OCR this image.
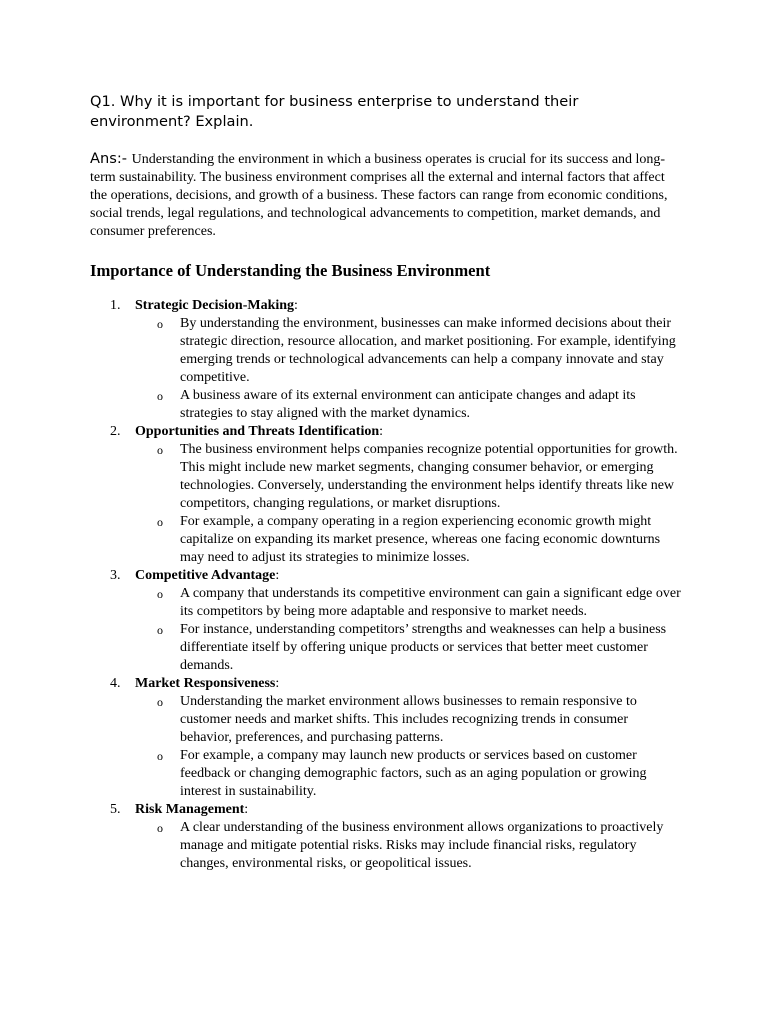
Q1. Why it is important for business enterprise to understand their environment? Explain.

Ans:- Understanding the environment in which a business operates is crucial for its success and long-term sustainability. The business environment comprises all the external and internal factors that affect the operations, decisions, and growth of a business. These factors can range from economic conditions, social trends, legal regulations, and technological advancements to competition, market demands, and consumer preferences.

Importance of Understanding the Business Environment
1. Strategic Decision-Making:
o By understanding the environment, businesses can make informed decisions about their strategic direction, resource allocation, and market positioning. For example, identifying emerging trends or technological advancements can help a company innovate and stay competitive.
o A business aware of its external environment can anticipate changes and adapt its strategies to stay aligned with the market dynamics.
2. Opportunities and Threats Identification:
o The business environment helps companies recognize potential opportunities for growth. This might include new market segments, changing consumer behavior, or emerging technologies. Conversely, understanding the environment helps identify threats like new competitors, changing regulations, or market disruptions.
o For example, a company operating in a region experiencing economic growth might capitalize on expanding its market presence, whereas one facing economic downturns may need to adjust its strategies to minimize losses.
3. Competitive Advantage:
o A company that understands its competitive environment can gain a significant edge over its competitors by being more adaptable and responsive to market needs.
o For instance, understanding competitors’ strengths and weaknesses can help a business differentiate itself by offering unique products or services that better meet customer demands.
4. Market Responsiveness:
o Understanding the market environment allows businesses to remain responsive to customer needs and market shifts. This includes recognizing trends in consumer behavior, preferences, and purchasing patterns.
o For example, a company may launch new products or services based on customer feedback or changing demographic factors, such as an aging population or growing interest in sustainability.
5. Risk Management:
o A clear understanding of the business environment allows organizations to proactively manage and mitigate potential risks. Risks may include financial risks, regulatory changes, environmental risks, or geopolitical issues.
